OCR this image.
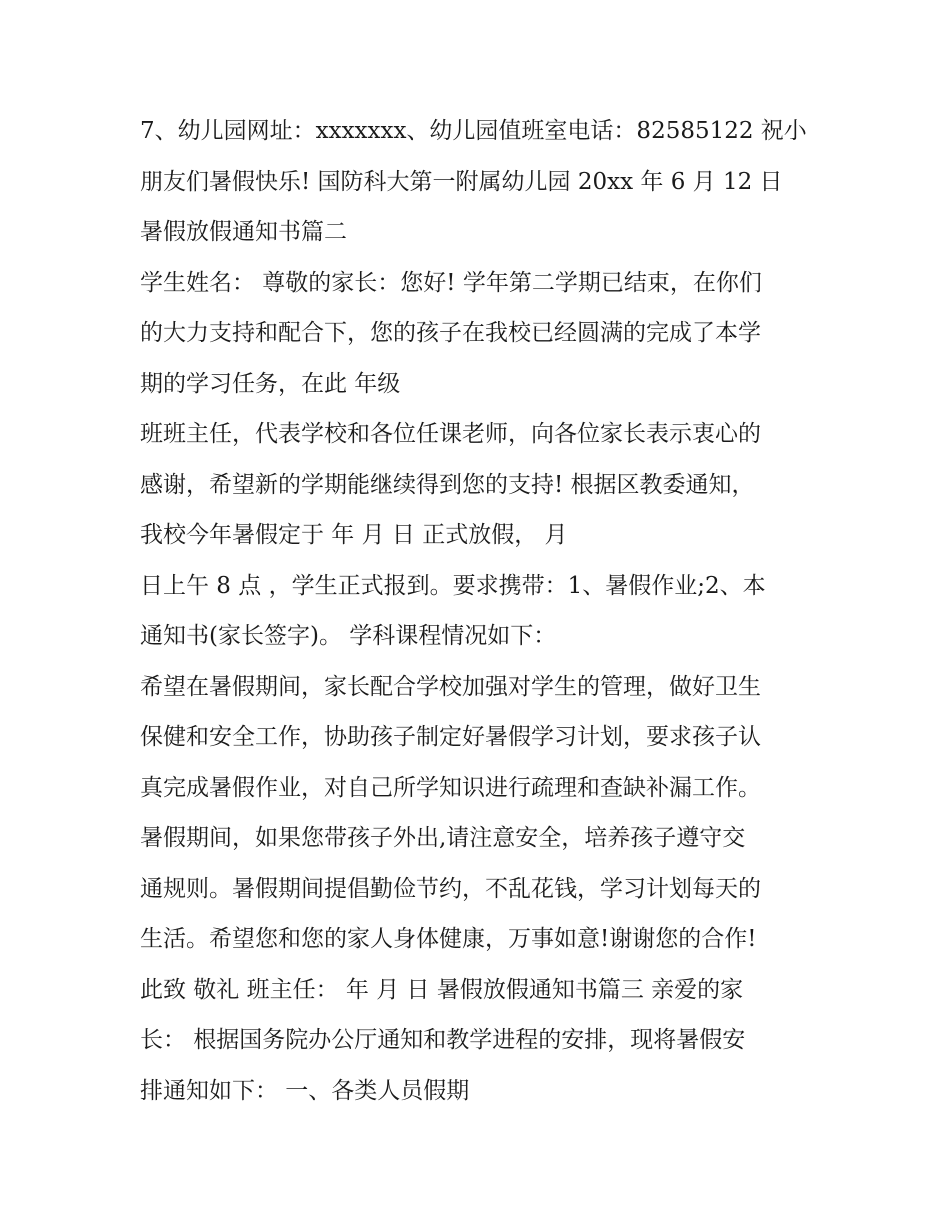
7、幼儿园网址：xxxxxxx、幼儿园值班室电话：82585122 祝小
朋友们暑假快乐! 国防科大第一附属幼儿园 20xx 年 6 月 12 日
暑假放假通知书篇二
学生姓名： 尊敬的家长：您好! 学年第二学期已结束，在你们
的大力支持和配合下，您的孩子在我校已经圆满的完成了本学
期的学习任务，在此 年级
班班主任，代表学校和各位任课老师，向各位家长表示衷心的
感谢，希望新的学期能继续得到您的支持! 根据区教委通知，
我校今年暑假定于 年 月 日 正式放假， 月
日上午 8 点 ，学生正式报到。要求携带：1、暑假作业;2、本
通知书(家长签字)。 学科课程情况如下：
希望在暑假期间，家长配合学校加强对学生的管理，做好卫生
保健和安全工作，协助孩子制定好暑假学习计划，要求孩子认
真完成暑假作业，对自己所学知识进行疏理和查缺补漏工作。
暑假期间，如果您带孩子外出,请注意安全，培养孩子遵守交
通规则。暑假期间提倡勤俭节约，不乱花钱，学习计划每天的
生活。希望您和您的家人身体健康，万事如意!谢谢您的合作!
此致 敬礼 班主任： 年 月 日 暑假放假通知书篇三 亲爱的家
长： 根据国务院办公厅通知和教学进程的安排，现将暑假安
排通知如下： 一、各类人员假期
